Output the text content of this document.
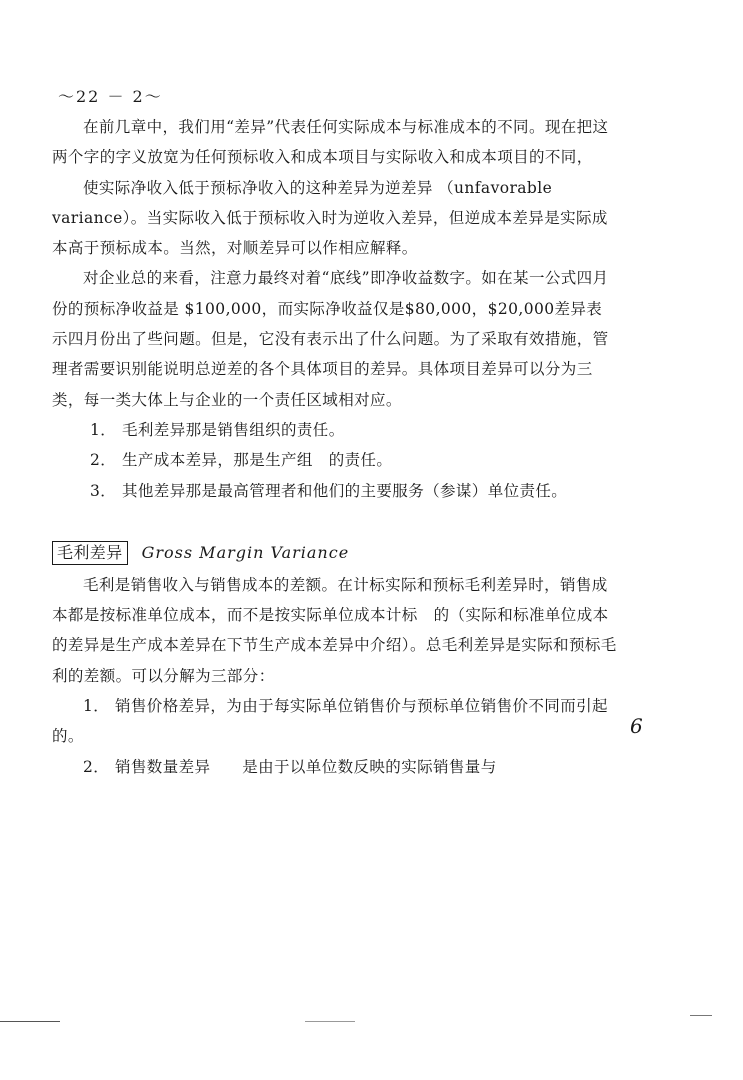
～22 － 2～

在前几章中，我们用“差异”代表任何实际成本与标准成本的不同。现在把这两个字的字义放宽为任何预标收入和成本项目与实际收入和成本项目的不同，

使实际净收入低于预标净收入的这种差异为逆差异 （unfavorable variance）。当实际收入低于预标收入时为逆收入差异，但逆成本差异是实际成本高于预标成本。当然，对顺差异可以作相应解释。

对企业总的来看，注意力最终对着“底线”即净收益数字。如在某一公式四月份的预标净收益是 $100,000，而实际净收益仅是$80,000，$20,000差异表示四月份出了些问题。但是，它没有表示出了什么问题。为了采取有效措施，管理者需要识别能说明总逆差的各个具体项目的差异。具体项目差异可以分为三类，每一类大体上与企业的一个责任区域相对应。

1． 毛利差异那是销售组织的责任。
2． 生产成本差异，那是生产组　的责任。
3． 其他差异那是最高管理者和他们的主要服务（参谋）单位责任。

毛利差异 Gross Margin Variance

毛利是销售收入与销售成本的差额。在计标实际和预标毛利差异时，销售成本都是按标准单位成本，而不是按实际单位成本计标　的（实际和标准单位成本的差异是生产成本差异在下节生产成本差异中介绍）。总毛利差异是实际和预标毛利的差额。可以分解为三部分：

1． 销售价格差异，为由于每实际单位销售价与预标单位销售价不同而引起的。
2． 销售数量差异　　是由于以单位数反映的实际销售量与
6
